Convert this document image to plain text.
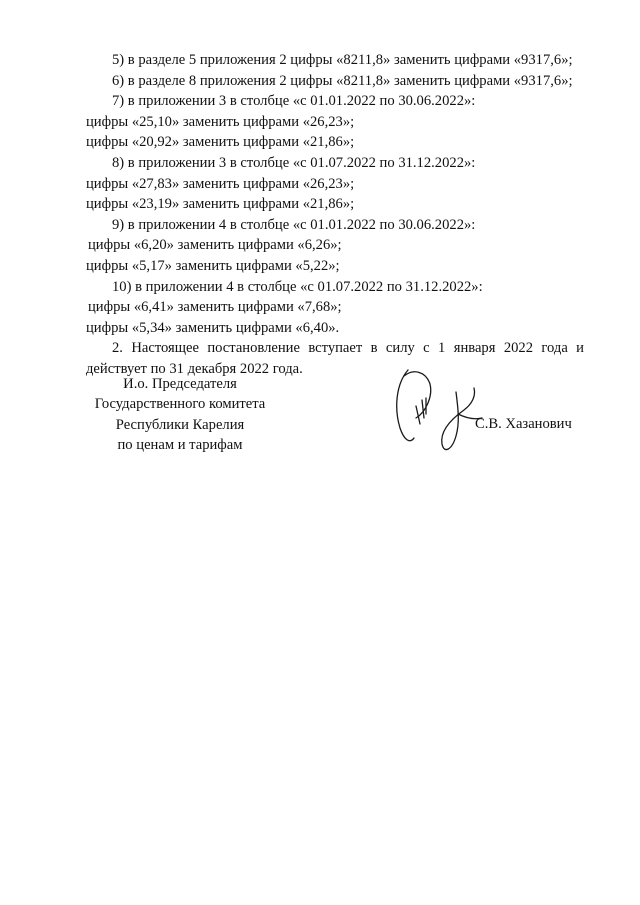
5) в разделе 5 приложения 2 цифры «8211,8» заменить цифрами «9317,6»;

6) в разделе 8 приложения 2 цифры «8211,8» заменить цифрами «9317,6»;

7) в приложении 3 в столбце «с 01.01.2022 по 30.06.2022»:

цифры «25,10» заменить цифрами «26,23»;

цифры «20,92» заменить цифрами «21,86»;

8) в приложении 3 в столбце «с 01.07.2022 по 31.12.2022»:

цифры «27,83» заменить цифрами «26,23»;

цифры «23,19» заменить цифрами «21,86»;

9) в приложении 4 в столбце «с 01.01.2022 по 30.06.2022»:

цифры «6,20» заменить цифрами «6,26»;

цифры «5,17» заменить цифрами «5,22»;

10) в приложении 4 в столбце «с 01.07.2022 по 31.12.2022»:

цифры «6,41» заменить цифрами «7,68»;

цифры «5,34» заменить цифрами «6,40».

2. Настоящее постановление вступает в силу с 1 января 2022 года и действует по 31 декабря 2022 года.

И.о. Председателя

Государственного комитета

Республики Карелия

по ценам и тарифам

С.В. Хазанович
